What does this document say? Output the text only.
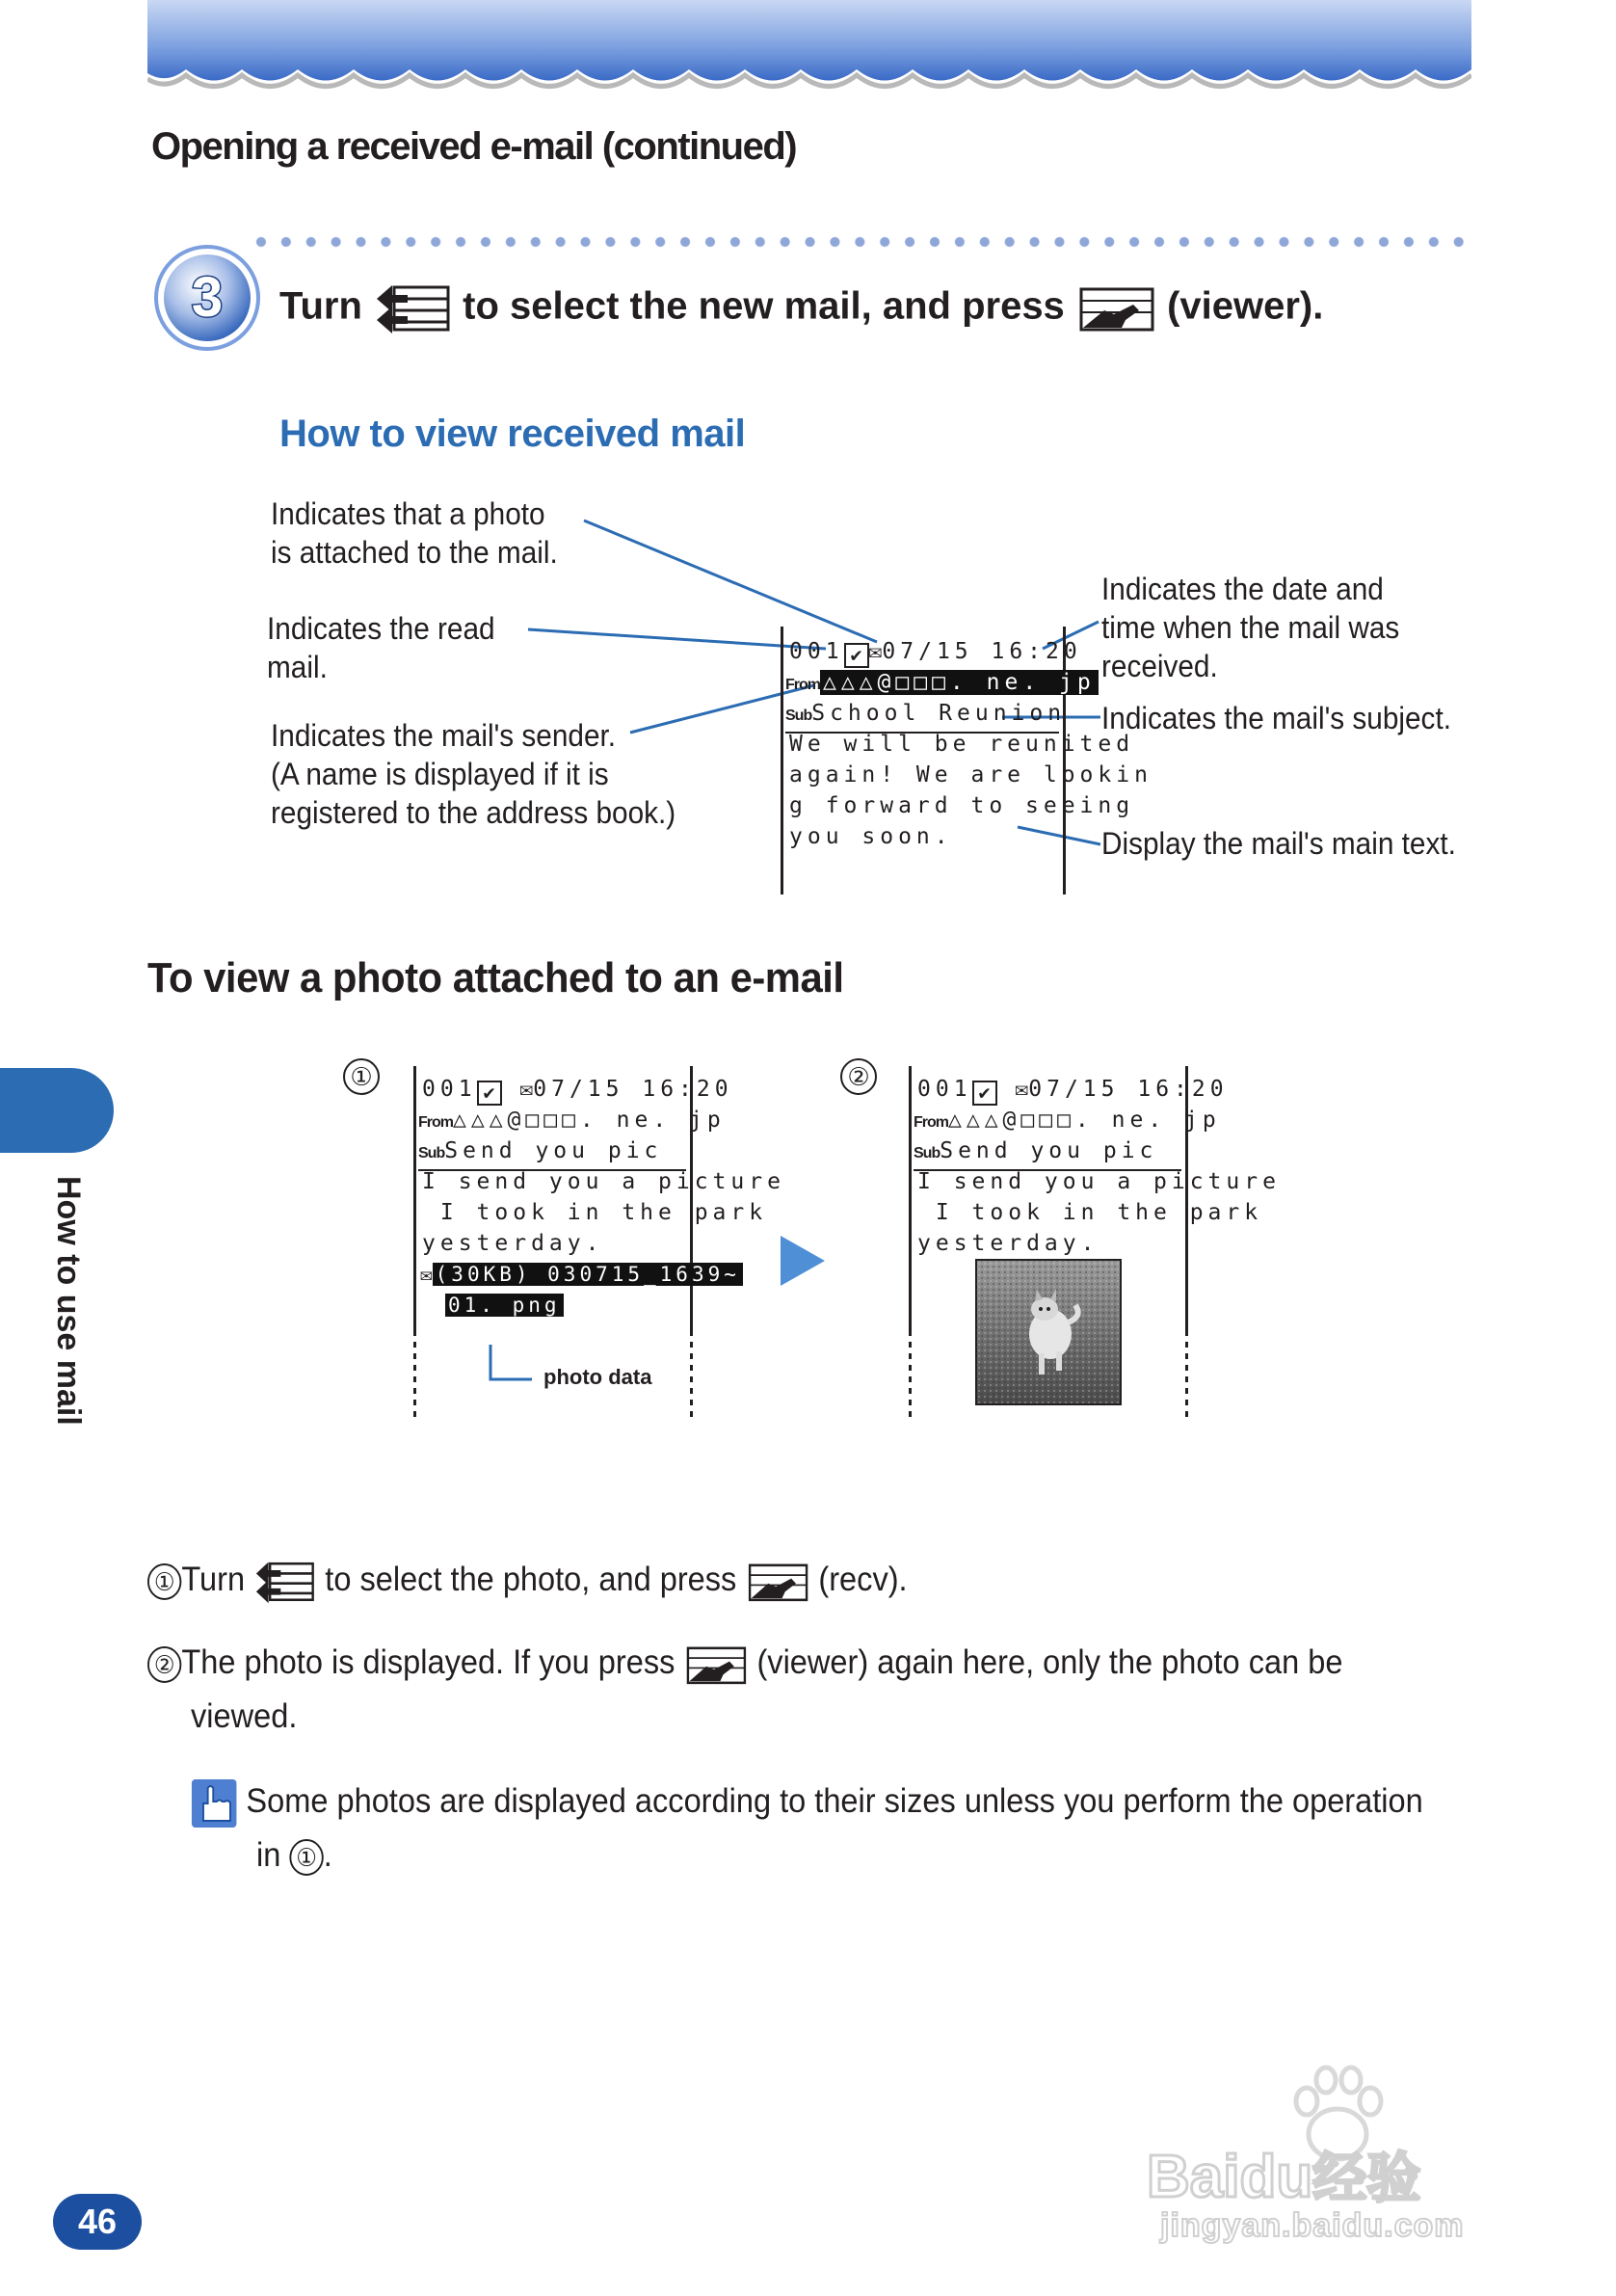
Opening a received e-mail (continued)
3 Turn	to select the new mail, and press	(viewer).
How to view received mail
Indicates that a photo
is attached to the mail.
Indicates the read
mail.
Indicates the mail's sender.
(A name is displayed if it is
registered to the address book.)
Indicates the date and
time when the mail was
received.
Indicates the mail's subject.
Display the mail's main text.
001 ✔ ✉07/15 16:20
From △△△@□□□. ne. jp
SubSchool Reunion
We will be reunited
again! We are lookin
g forward to seeing
you soon.
To view a photo attached to an e-mail
①	001 ✔ ✉07/15 16:20
From△△△@□□□. ne. jp
SubSend you pic
I send you a picture
I took in the park
yesterday.
✉ (30KB) 030715_1639~
01. png
photo data
②	001 ✔ ✉07/15 16:20
From△△△@□□□. ne. jp
SubSend you pic
I send you a picture
I took in the park
yesterday.
① Turn to select the photo, and press (recv).
② The photo is displayed. If you press (viewer) again here, only the photo can be
viewed.
Some photos are displayed according to their sizes unless you perform the operation
in ① .
How to use mail
46
Baidu经验
jingyan.baidu.com
